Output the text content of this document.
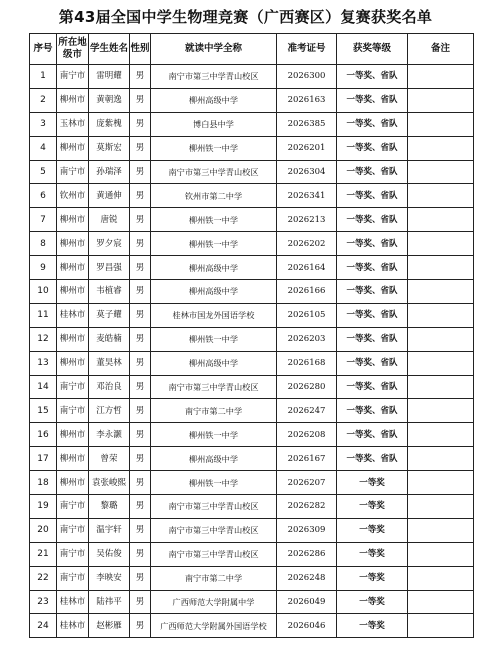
第43届全国中学生物理竞赛（广西赛区）复赛获奖名单
序号	所在地级市	学生姓名	性别	就读中学全称	准考证号	获奖等级	备注
1	南宁市	雷明耀	男	南宁市第三中学青山校区	2026300	一等奖、省队	
2	柳州市	黄朝逸	男	柳州高级中学	2026163	一等奖、省队	
3	玉林市	庞紫槐	男	博白县中学	2026385	一等奖、省队	
4	柳州市	莫斯宏	男	柳州铁一中学	2026201	一等奖、省队	
5	南宁市	孙瑞泽	男	南宁市第三中学青山校区	2026304	一等奖、省队	
6	钦州市	黄通伸	男	钦州市第二中学	2026341	一等奖、省队	
7	柳州市	唐锐	男	柳州铁一中学	2026213	一等奖、省队	
8	柳州市	罗夕宸	男	柳州铁一中学	2026202	一等奖、省队	
9	柳州市	罗昌强	男	柳州高级中学	2026164	一等奖、省队	
10	柳州市	韦植睿	男	柳州高级中学	2026166	一等奖、省队	
11	桂林市	莫子耀	男	桂林市国龙外国语学校	2026105	一等奖、省队	
12	柳州市	麦皓楠	男	柳州铁一中学	2026203	一等奖、省队	
13	柳州市	董昊林	男	柳州高级中学	2026168	一等奖、省队	
14	南宁市	邓治良	男	南宁市第三中学青山校区	2026280	一等奖、省队	
15	南宁市	江方哲	男	南宁市第二中学	2026247	一等奖、省队	
16	柳州市	李永灏	男	柳州铁一中学	2026208	一等奖、省队	
17	柳州市	曾荣	男	柳州高级中学	2026167	一等奖、省队	
18	柳州市	袁张峻熙	男	柳州铁一中学	2026207	一等奖	
19	南宁市	黎璐	男	南宁市第三中学青山校区	2026282	一等奖	
20	南宁市	温宇轩	男	南宁市第三中学青山校区	2026309	一等奖	
21	南宁市	吴佑俊	男	南宁市第三中学青山校区	2026286	一等奖	
22	南宁市	李映安	男	南宁市第二中学	2026248	一等奖	
23	桂林市	陆祎平	男	广西师范大学附属中学	2026049	一等奖	
24	桂林市	赵彬雁	男	广西师范大学附属外国语学校	2026046	一等奖	
